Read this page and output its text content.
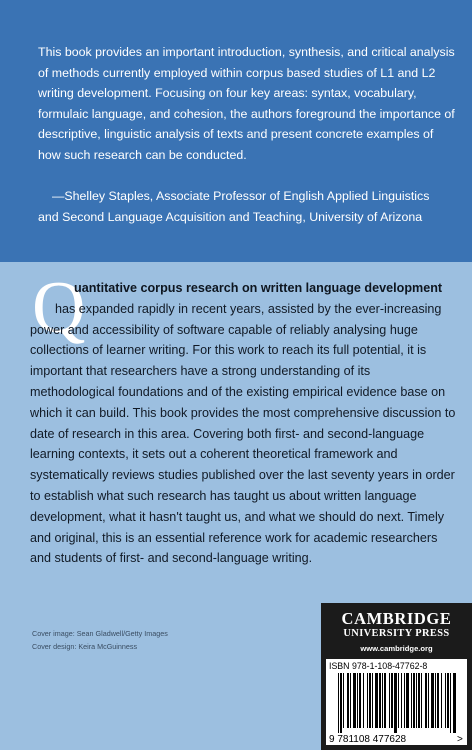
This book provides an important introduction, synthesis, and critical analysis of methods currently employed within corpus based studies of L1 and L2 writing development. Focusing on four key areas: syntax, vocabulary, formulaic language, and cohesion, the authors foreground the importance of descriptive, linguistic analysis of texts and present concrete examples of how such research can be conducted.

—Shelley Staples, Associate Professor of English Applied Linguistics
and Second Language Acquisition and Teaching, University of Arizona
Q

uantitative corpus research on written language development

has expanded rapidly in recent years, assisted by the ever-increasing power and accessibility of software capable of reliably analysing huge collections of learner writing. For this work to reach its full potential, it is important that researchers have a strong understanding of its methodological foundations and of the existing empirical evidence base on which it can build. This book provides the most comprehensive discussion to date of research in this area. Covering both first- and second-language learning contexts, it sets out a coherent theoretical framework and systematically reviews studies published over the last seventy years in order to establish what such research has taught us about written language development, what it hasn't taught us, and what we should do next. Timely and original, this is an essential reference work for academic researchers and students of first- and second-language writing.

Cover image: Sean Gladwell/Getty Images
Cover design: Keira McGuinness
CAMBRIDGE
UNIVERSITY PRESS
www.cambridge.org
ISBN 978-1-108-47762-8
9 781108 477628	>
